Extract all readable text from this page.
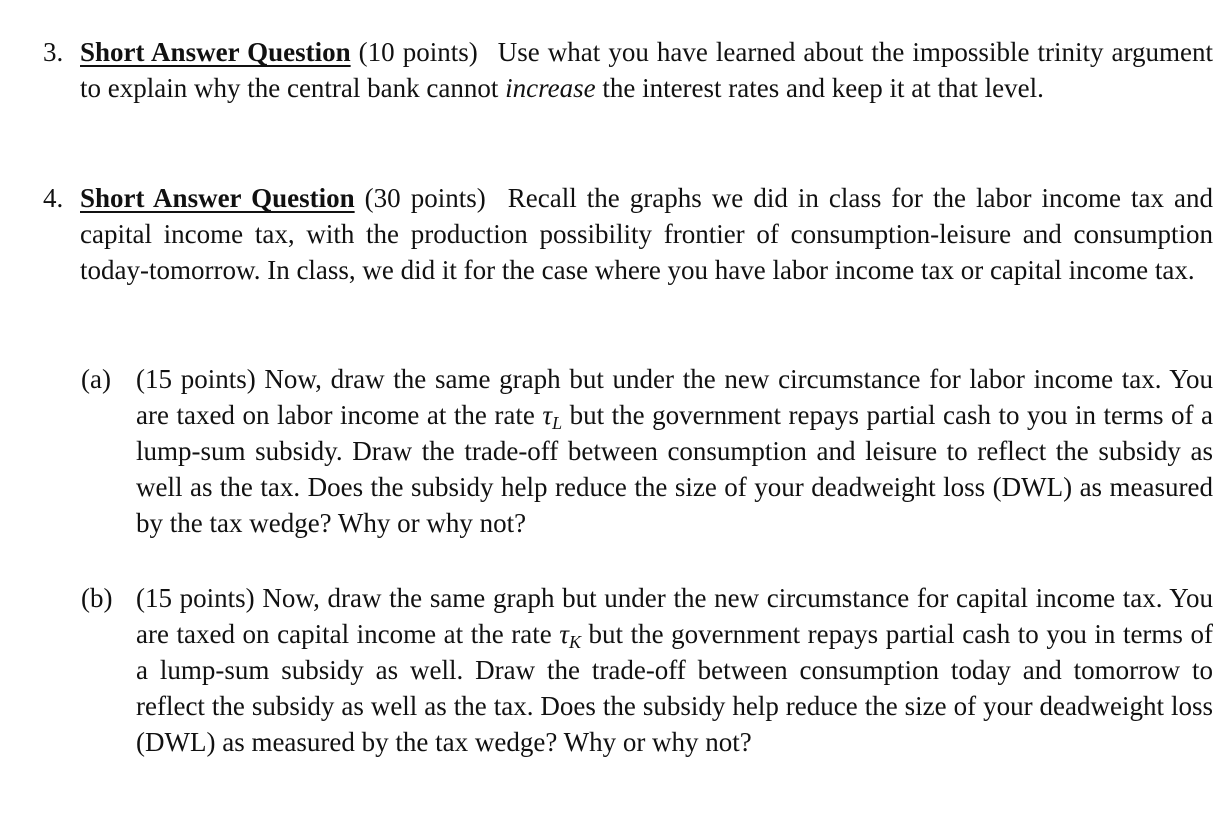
3. Short Answer Question (10 points) Use what you have learned about the impossible trinity argument to explain why the central bank cannot increase the interest rates and keep it at that level.
4. Short Answer Question (30 points) Recall the graphs we did in class for the labor income tax and capital income tax, with the production possibility frontier of consumption-leisure and consumption today-tomorrow. In class, we did it for the case where you have labor income tax or capital income tax.
(a) (15 points) Now, draw the same graph but under the new circumstance for labor income tax. You are taxed on labor income at the rate $\tau_L$ but the government repays partial cash to you in terms of a lump-sum subsidy. Draw the trade-off between consumption and leisure to reflect the subsidy as well as the tax. Does the subsidy help reduce the size of your deadweight loss (DWL) as measured by the tax wedge? Why or why not?
(b) (15 points) Now, draw the same graph but under the new circumstance for capital income tax. You are taxed on capital income at the rate $\tau_K$ but the government repays partial cash to you in terms of a lump-sum subsidy as well. Draw the trade-off between consumption today and tomorrow to reflect the subsidy as well as the tax. Does the subsidy help reduce the size of your deadweight loss (DWL) as measured by the tax wedge? Why or why not?
